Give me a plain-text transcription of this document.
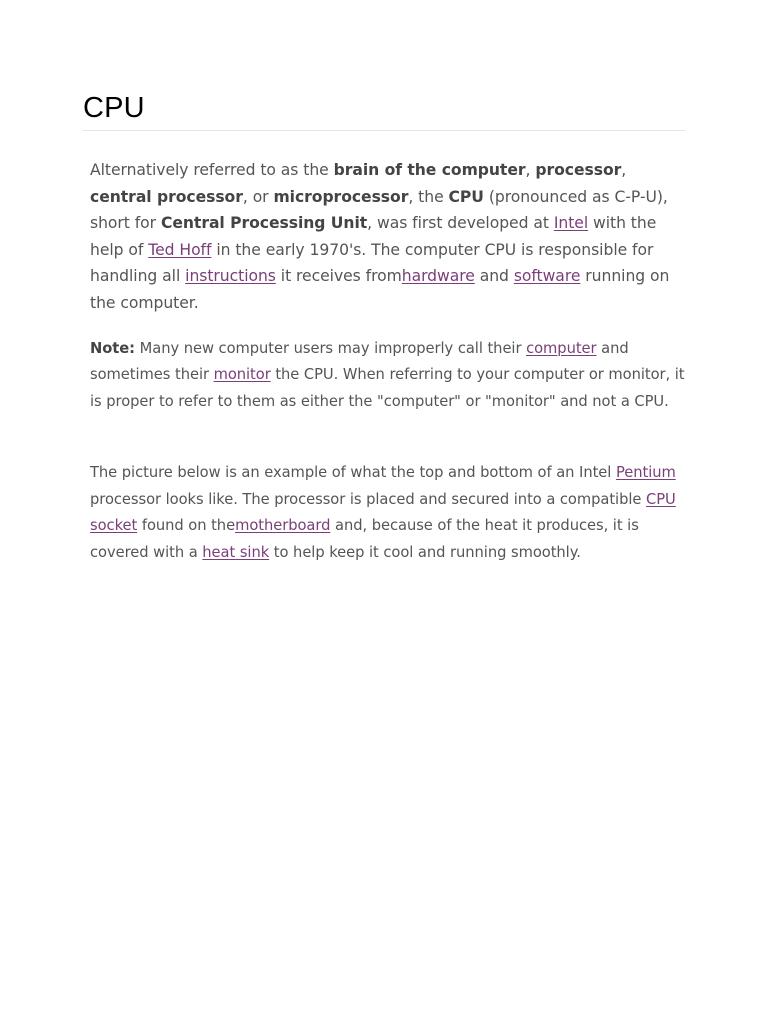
CPU

Alternatively referred to as the brain of the computer, processor, central processor, or microprocessor, the CPU (pronounced as C-P-U), short for Central Processing Unit, was first developed at Intel with the help of Ted Hoff in the early 1970's. The computer CPU is responsible for handling all instructions it receives fromhardware and software running on the computer.

Note: Many new computer users may improperly call their computer and sometimes their monitor the CPU. When referring to your computer or monitor, it is proper to refer to them as either the "computer" or "monitor" and not a CPU.

The picture below is an example of what the top and bottom of an Intel Pentium processor looks like. The processor is placed and secured into a compatible CPU socket found on themotherboard and, because of the heat it produces, it is covered with a heat sink to help keep it cool and running smoothly.
